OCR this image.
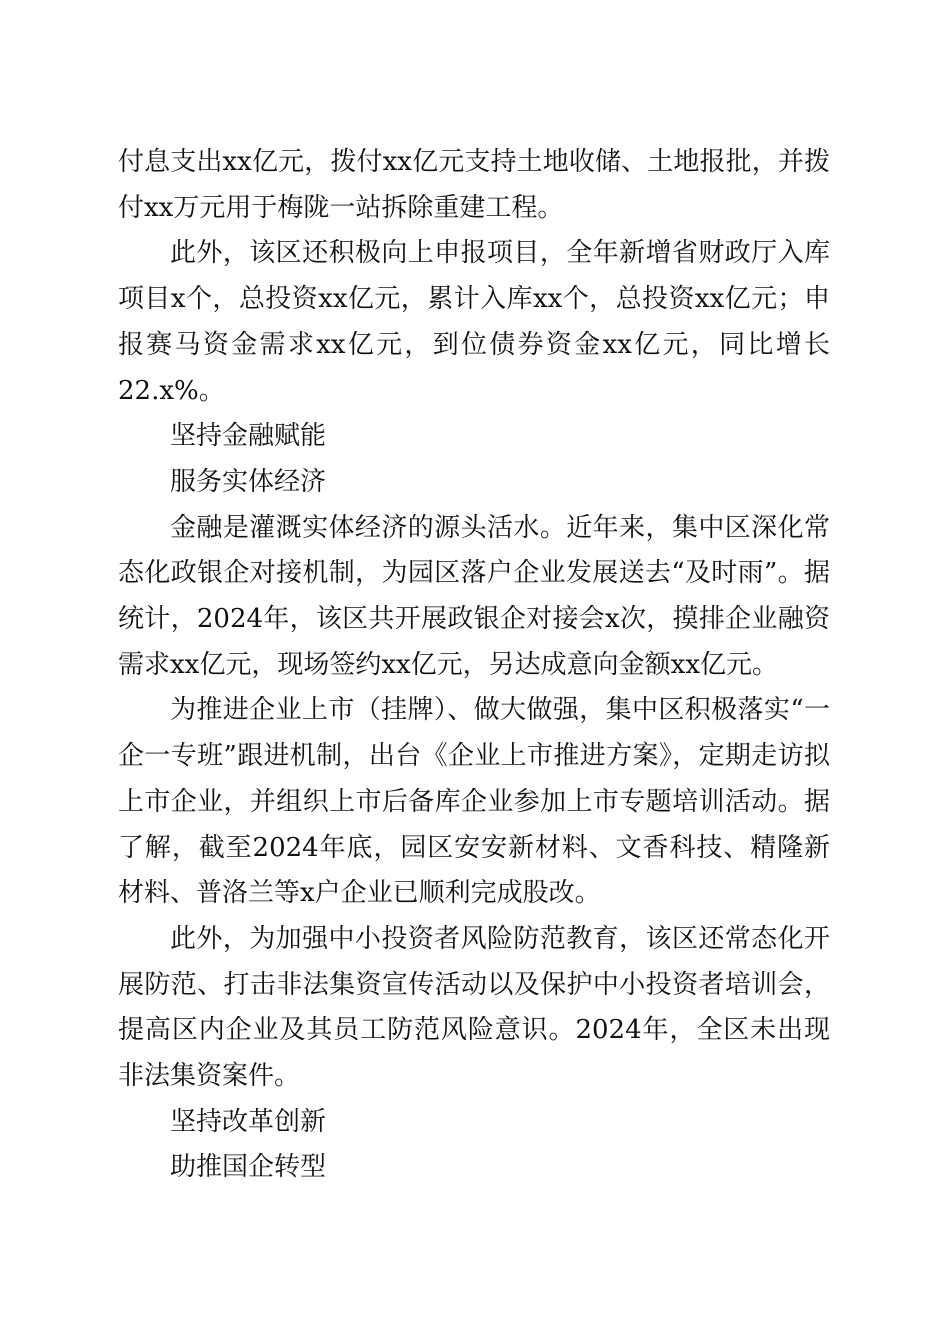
付息支出xx亿元，拨付xx亿元支持土地收储、土地报批，并拨付xx万元用于梅陇一站拆除重建工程。

此外，该区还积极向上申报项目，全年新增省财政厅入库项目x个，总投资xx亿元，累计入库xx个，总投资xx亿元；申报赛马资金需求xx亿元，到位债券资金xx亿元，同比增长22.x%。

坚持金融赋能

服务实体经济

金融是灌溉实体经济的源头活水。近年来，集中区深化常态化政银企对接机制，为园区落户企业发展送去“及时雨”。据统计，2024年，该区共开展政银企对接会x次，摸排企业融资需求xx亿元，现场签约xx亿元，另达成意向金额xx亿元。

为推进企业上市（挂牌）、做大做强，集中区积极落实“一企一专班”跟进机制，出台《企业上市推进方案》，定期走访拟上市企业，并组织上市后备库企业参加上市专题培训活动。据了解，截至2024年底，园区安安新材料、文香科技、精隆新材料、普洛兰等x户企业已顺利完成股改。

此外，为加强中小投资者风险防范教育，该区还常态化开展防范、打击非法集资宣传活动以及保护中小投资者培训会，提高区内企业及其员工防范风险意识。2024年，全区未出现非法集资案件。

坚持改革创新

助推国企转型
